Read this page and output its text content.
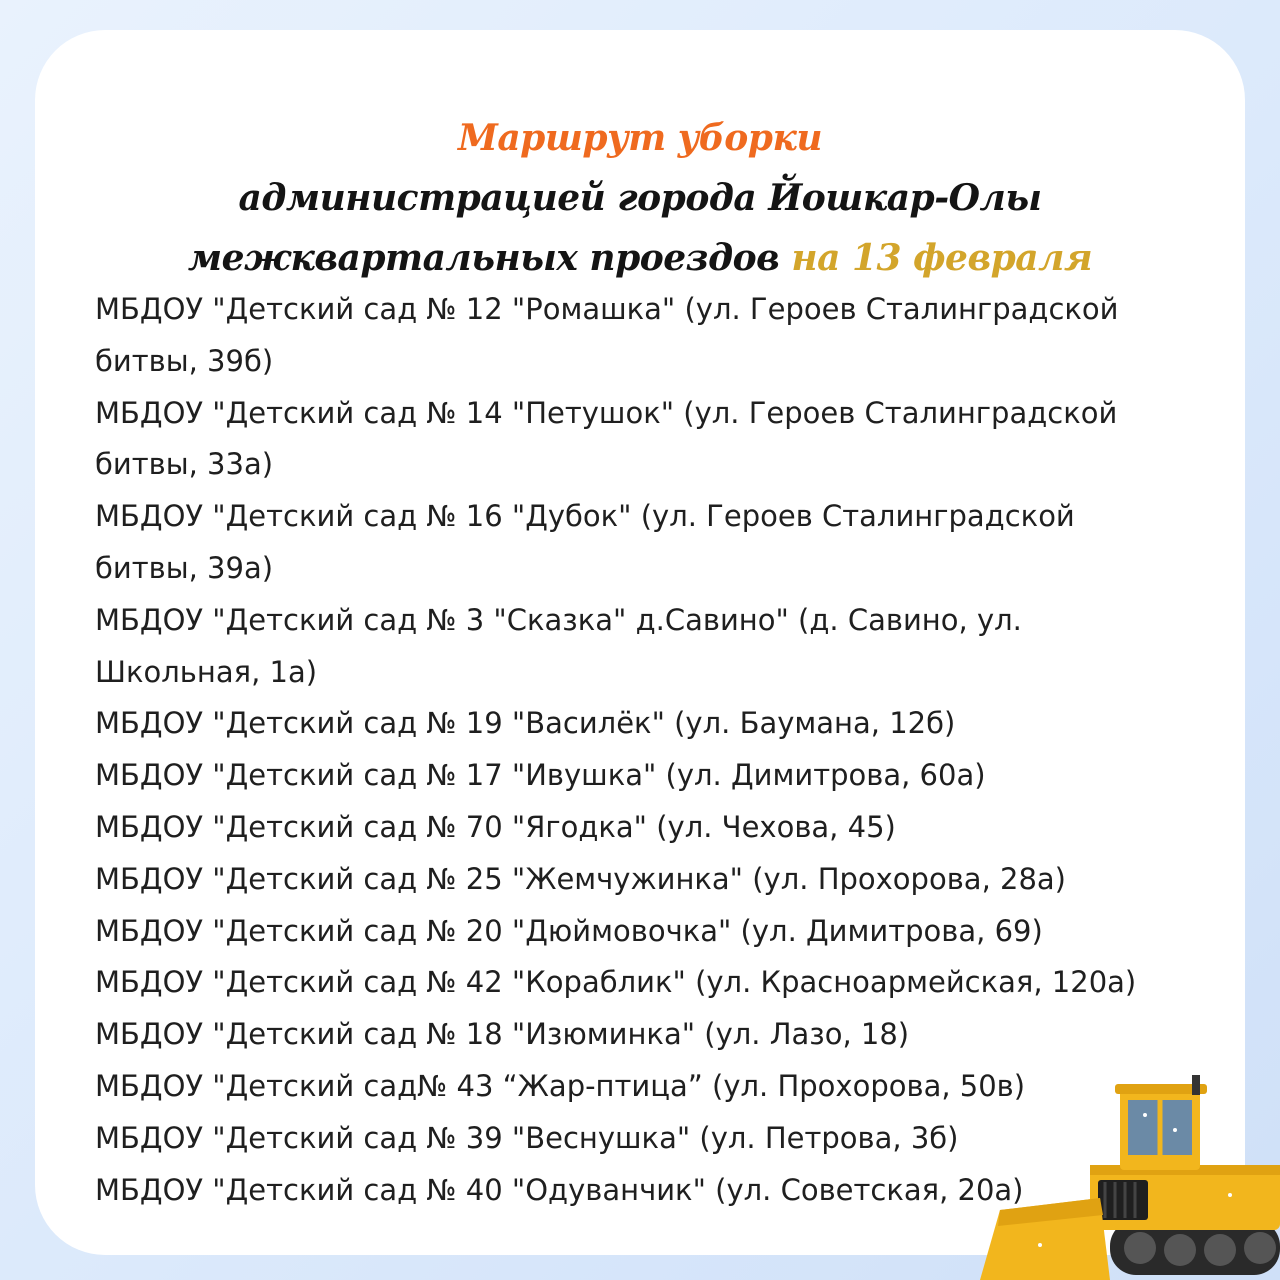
Маршрут уборки
администрацией города Йошкар-Олы
межквартальных проездов на 13 февраля
МБДОУ "Детский сад № 12 "Ромашка" (ул. Героев Сталинградской битвы, 39б)
МБДОУ "Детский сад № 14 "Петушок" (ул. Героев Сталинградской битвы, 33а)
МБДОУ "Детский сад № 16 "Дубок" (ул. Героев Сталинградской битвы, 39а)
МБДОУ "Детский сад № 3 "Сказка" д.Савино" (д. Савино, ул. Школьная, 1а)
МБДОУ "Детский сад № 19 "Василёк" (ул. Баумана, 12б)
МБДОУ "Детский сад № 17 "Ивушка" (ул. Димитрова, 60а)
МБДОУ "Детский сад № 70 "Ягодка" (ул. Чехова, 45)
МБДОУ "Детский сад № 25 "Жемчужинка" (ул. Прохорова, 28а)
МБДОУ "Детский сад № 20 "Дюймовочка" (ул. Димитрова, 69)
МБДОУ "Детский сад № 42 "Кораблик" (ул. Красноармейская, 120а)
МБДОУ "Детский сад № 18 "Изюминка" (ул. Лазо, 18)
МБДОУ "Детский сад№ 43 “Жар-птица” (ул. Прохорова, 50в)
МБДОУ "Детский сад № 39 "Веснушка" (ул. Петрова, 3б)
МБДОУ "Детский сад № 40 "Одуванчик" (ул. Советская, 20а)
